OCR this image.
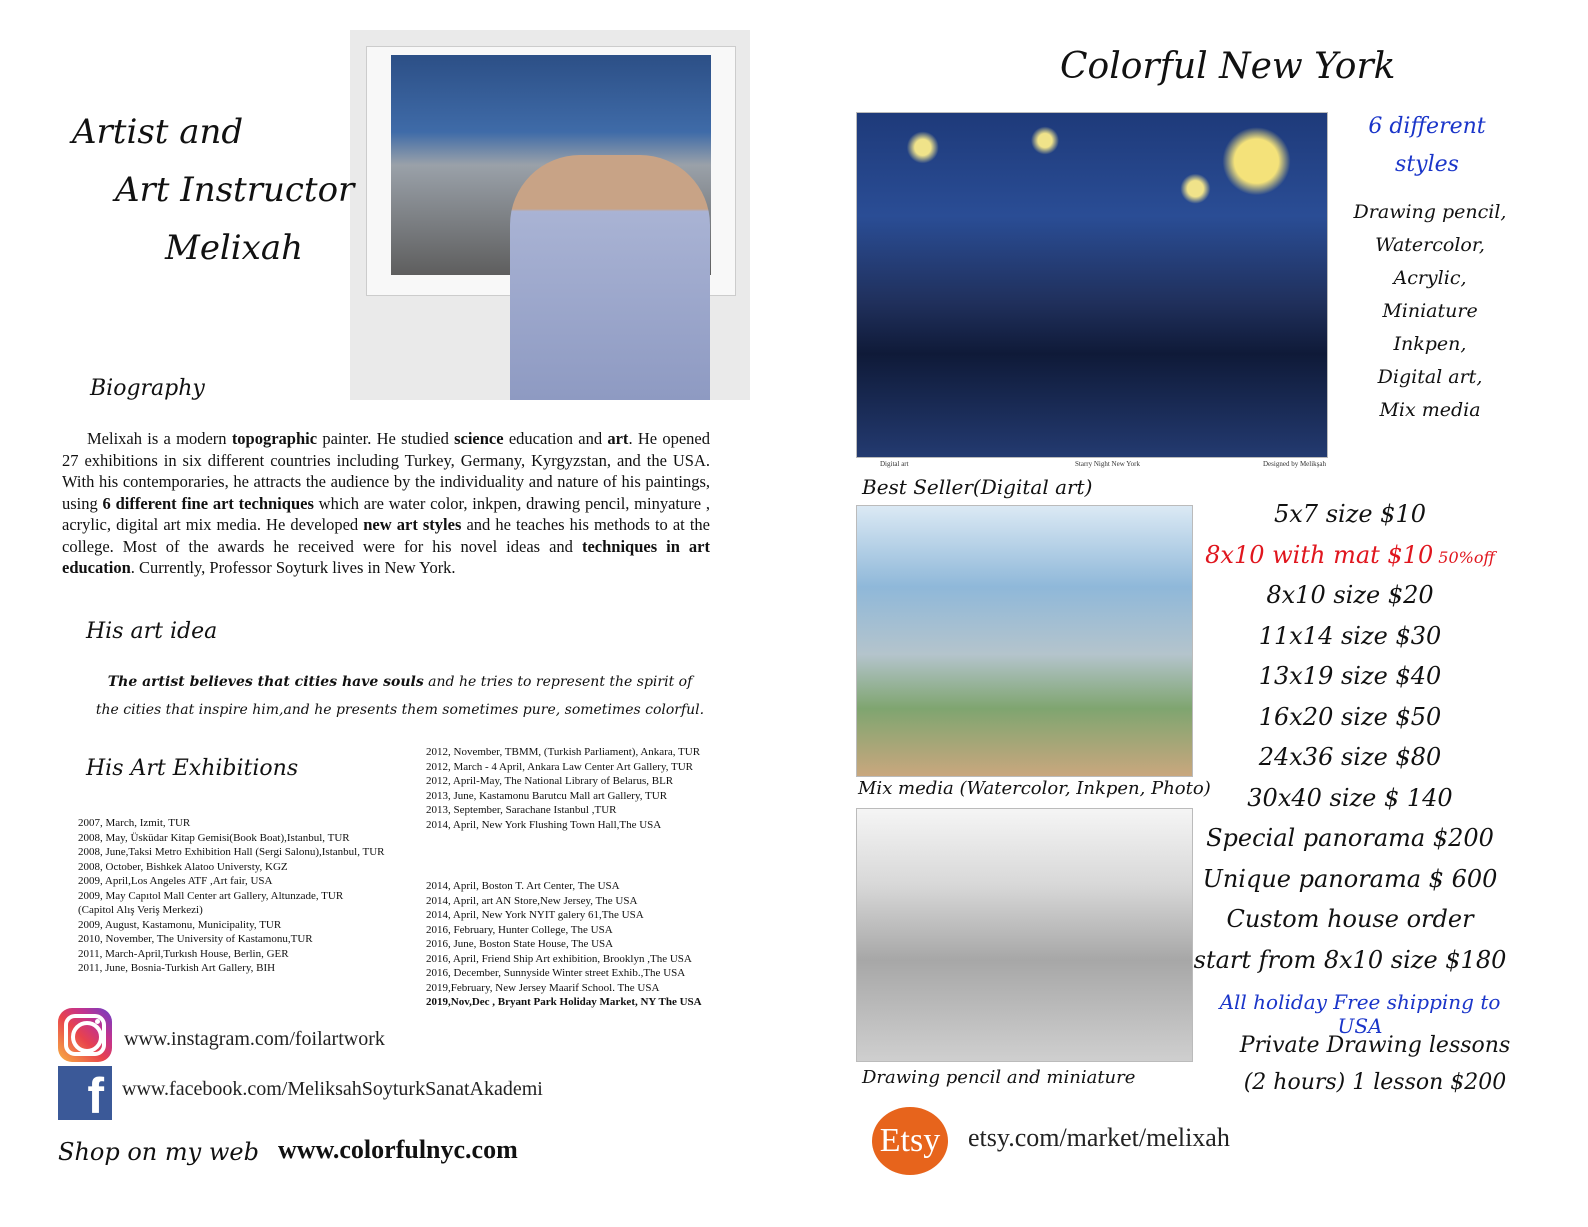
Artist and
Art Instructor
Melixah
Biography
Melixah is a modern topographic painter. He studied science education and art. He opened 27 exhibitions in six different countries including Turkey, Germany, Kyrgyzstan, and the USA. With his contemporaries, he attracts the audience by the individuality and nature of his paintings, using 6 different fine art techniques which are water color, inkpen, drawing pencil, minyature , acrylic, digital art mix media. He developed new art styles and he teaches his methods to at the college. Most of the awards he received were for his novel ideas and techniques in art education. Currently, Professor Soyturk lives in New York.
His art idea
The artist believes that cities have souls and he tries to represent the spirit of
the cities that inspire him,and he presents them sometimes pure, sometimes colorful.
His Art Exhibitions
2007, March, Izmit, TUR
2008, May, Üsküdar Kitap Gemisi(Book Boat),Istanbul, TUR
2008, June,Taksi Metro Exhibition Hall (Sergi Salonu),Istanbul, TUR
2008, October, Bishkek Alatoo Universty, KGZ
2009, April,Los Angeles ATF ,Art fair, USA
2009, May Capıtol Mall Center art Gallery, Altunzade, TUR
(Capitol Alış Veriş Merkezi)
2009, August, Kastamonu, Municipality, TUR
2010, November, The University of Kastamonu,TUR
2011, March-April,Turkısh House, Berlin, GER
2011, June, Bosnia-Turkish Art Gallery, BIH
2012, November, TBMM, (Turkish Parliament), Ankara, TUR
2012, March - 4 April, Ankara Law Center Art Gallery, TUR
2012, April-May, The National Library of Belarus, BLR
2013, June, Kastamonu Barutcu Mall art Gallery, TUR
2013, September, Sarachane Istanbul ,TUR
2014, April, New York Flushing Town Hall,The USA
2014, April, Boston T. Art Center, The USA
2014, April, art AN Store,New Jersey, The USA
2014, April, New York NYIT galery 61,The USA
2016, February, Hunter College, The USA
2016, June, Boston State House, The USA
2016, April, Friend Ship Art exhibition, Brooklyn ,The USA
2016, December, Sunnyside Winter street Exhib.,The USA
2019,February, New Jersey Maarif School. The USA
2019,Nov,Dec , Bryant Park Holiday Market, NY The USA
www.instagram.com/foilartwork
f www.facebook.com/MeliksahSoyturkSanatAkademi
Shop on my web www.colorfulnyc.com
Colorful New York
Digital art	Starry Night New York	Designed by Melikşah
6 different
styles
Drawing pencil,
Watercolor,
Acrylic,
Miniature
Inkpen,
Digital art,
Mix media
Best Seller(Digital art)
Mix media (Watercolor, Inkpen, Photo)
Drawing pencil and miniature
5x7 size $10
8x10 with mat $10 50%off
8x10 size $20
11x14 size $30
13x19 size $40
16x20 size $50
24x36 size $80
30x40 size $ 140
Special panorama $200
Unique panorama $ 600
Custom house order
start from 8x10 size $180
All holiday Free shipping to USA
Private Drawing lessons
(2 hours) 1 lesson $200
Etsy etsy.com/market/melixah
